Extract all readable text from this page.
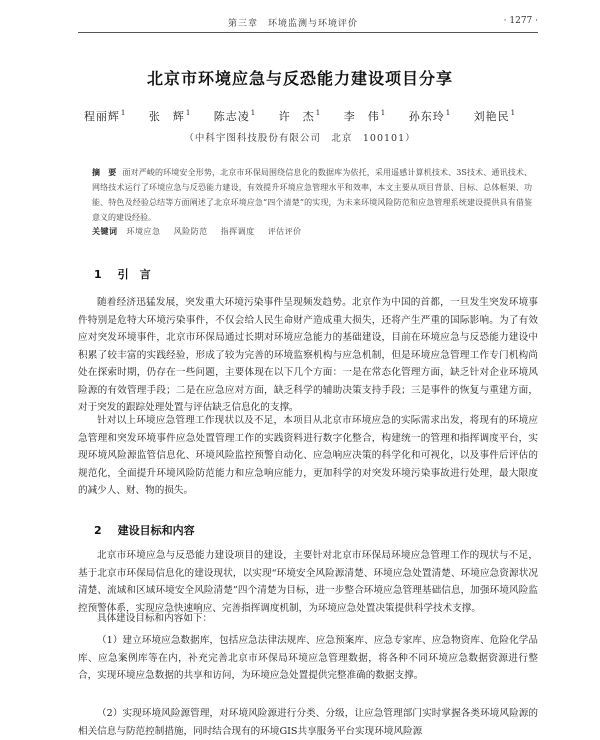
第三章　环境监测与环境评价	· 1277 ·
北京市环境应急与反恐能力建设项目分享
程丽辉$^1$ 张　辉$^1$ 陈志凌$^1$ 许　杰$^1$ 李　伟$^1$ 孙东玲$^1$ 刘艳民$^1$
（中科宇图科技股份有限公司　北京　100101）
摘　要 面对严峻的环境安全形势，北京市环保局围绕信息化的数据库为依托，采用遥感计算机技术、3S技术、通讯技术、网络技术运行了环境应急与反恐能力建设，有效提升环境应急管理水平和效率，本文主要从项目背景、目标、总体框架、功能、特色及经验总结等方面阐述了北京环境应急“四个清楚”的实现，为未来环境风险防范和应急管理系统建设提供具有借鉴意义的建设经验。
关键词 环境应急 风险防范 指挥调度 评估评价
1 引　言

随着经济迅猛发展，突发重大环境污染事件呈现频发趋势。北京作为中国的首都，一旦发生突发环境事件特别是危特大环境污染事件，不仅会给人民生命财产造成重大损失，还将产生严重的国际影响。为了有效应对突发环境事件，北京市环保局通过长期对环境应急能力的基础建设，目前在环境应急与反恐能力建设中积累了较丰富的实践经验，形成了较为完善的环境监察机构与应急机制，但是环境应急管理工作专门机构尚处在探索时期，仍存在一些问题，主要体现在以下几个方面：一是在常态化管理方面，缺乏针对企业环境风险源的有效管理手段；二是在应急应对方面，缺乏科学的辅助决策支持手段；三是事件的恢复与重建方面，对于突发的跟踪处理处置与评估缺乏信息化的支撑。

针对以上环境应急管理工作现状以及不足，本项目从北京市环境应急的实际需求出发，将现有的环境应急管理和突发环境事件应急处置管理工作的实践资料进行数字化整合，构建统一的管理和指挥调度平台，实现环境风险源监管信息化、环境风险监控预警自动化、应急响应决策的科学化和可视化，以及事件后评估的规范化，全面提升环境风险防范能力和应急响应能力，更加科学的对突发环境污染事故进行处理，最大限度的减少人、财、物的损失。

2 建设目标和内容

北京市环境应急与反恐能力建设项目的建设，主要针对北京市环保局环境应急管理工作的现状与不足，基于北京市环保局信息化的建设现状，以实现“环境安全风险源清楚、环境应急处置清楚、环境应急资源状况清楚、流域和区域环境安全风险清楚”四个清楚为目标，进一步整合环境应急管理基础信息，加强环境风险监控预警体系，实现应急快速响应、完善指挥调度机制，为环境应急处置决策提供科学技术支撑。

具体建设目标和内容如下：

（1）建立环境应急数据库，包括应急法律法规库、应急预案库、应急专家库、应急物资库、危险化学品库、应急案例库等在内，补充完善北京市环保局环境应急管理数据，将各种不同环境应急数据资源进行整合，实现环境应急数据的共享和访问，为环境应急处置提供完整准确的数据支撑。

（2）实现环境风险源管理，对环境风险源进行分类、分级，让应急管理部门实时掌握各类环境风险源的相关信息与防范控制措施，同时结合现有的环境GIS共享服务平台实现环境风险源
